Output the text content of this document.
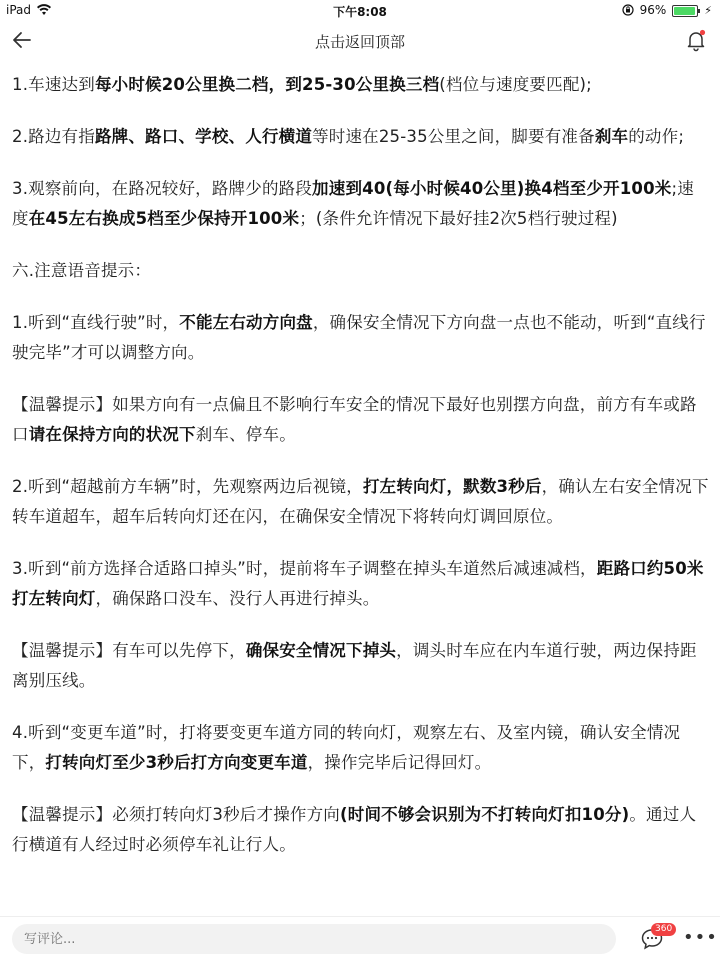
iPad	下午8:08	96%	⚡
点击返回顶部

1.车速达到每小时候20公里换二档，到25-30公里换三档(档位与速度要匹配);

2.路边有指路牌、路口、学校、人行横道等时速在25-35公里之间，脚要有准备刹车的动作;

3.观察前向，在路况较好，路牌少的路段加速到40(每小时候40公里)换4档至少开100米;速度在45左右换成5档至少保持开100米；(条件允许情况下最好挂2次5档行驶过程)

六.注意语音提示：

1.听到“直线行驶”时，不能左右动方向盘，确保安全情况下方向盘一点也不能动，听到“直线行驶完毕”才可以调整方向。

【温馨提示】如果方向有一点偏且不影响行车安全的情况下最好也别摆方向盘，前方有车或路口请在保持方向的状况下刹车、停车。

2.听到“超越前方车辆”时，先观察两边后视镜，打左转向灯，默数3秒后，确认左右安全情况下转车道超车，超车后转向灯还在闪，在确保安全情况下将转向灯调回原位。

3.听到“前方选择合适路口掉头”时，提前将车子调整在掉头车道然后减速减档，距路口约50米打左转向灯，确保路口没车、没行人再进行掉头。

【温馨提示】有车可以先停下，确保安全情况下掉头，调头时车应在内车道行驶，两边保持距离别压线。

4.听到“变更车道”时，打将要变更车道方同的转向灯，观察左右、及室内镜，确认安全情况下，打转向灯至少3秒后打方向变更车道，操作完毕后记得回灯。

【温馨提示】必须打转向灯3秒后才操作方向(时间不够会识别为不打转向灯扣10分)。通过人行横道有人经过时必须停车礼让行人。

写评论...
360 •••
